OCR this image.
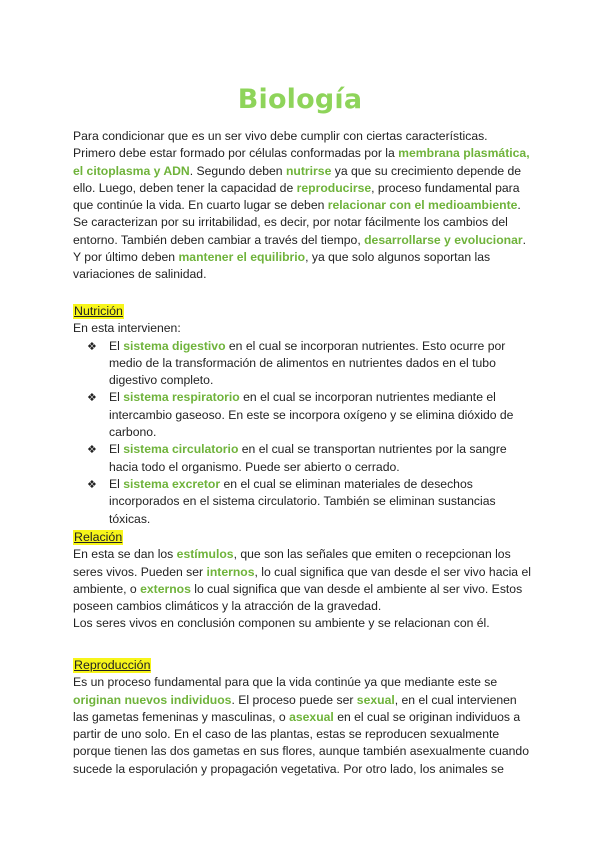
Biología

Para condicionar que es un ser vivo debe cumplir con ciertas características. Primero debe estar formado por células conformadas por la membrana plasmática, el citoplasma y ADN. Segundo deben nutrirse ya que su crecimiento depende de ello. Luego, deben tener la capacidad de reproducirse, proceso fundamental para que continúe la vida. En cuarto lugar se deben relacionar con el medioambiente. Se caracterizan por su irritabilidad, es decir, por notar fácilmente los cambios del entorno. También deben cambiar a través del tiempo, desarrollarse y evolucionar. Y por último deben mantener el equilibrio, ya que solo algunos soportan las variaciones de salinidad.

Nutrición

En esta intervienen:

❖ El sistema digestivo en el cual se incorporan nutrientes. Esto ocurre por medio de la transformación de alimentos en nutrientes dados en el tubo digestivo completo.
❖ El sistema respiratorio en el cual se incorporan nutrientes mediante el intercambio gaseoso. En este se incorpora oxígeno y se elimina dióxido de carbono.
❖ El sistema circulatorio en el cual se transportan nutrientes por la sangre hacia todo el organismo. Puede ser abierto o cerrado.
❖ El sistema excretor en el cual se eliminan materiales de desechos incorporados en el sistema circulatorio. También se eliminan sustancias tóxicas.
Relación

En esta se dan los estímulos, que son las señales que emiten o recepcionan los seres vivos. Pueden ser internos, lo cual significa que van desde el ser vivo hacia el ambiente, o externos lo cual significa que van desde el ambiente al ser vivo. Estos poseen cambios climáticos y la atracción de la gravedad.

Los seres vivos en conclusión componen su ambiente y se relacionan con él.

Reproducción

Es un proceso fundamental para que la vida continúe ya que mediante este se originan nuevos individuos. El proceso puede ser sexual, en el cual intervienen las gametas femeninas y masculinas, o asexual en el cual se originan individuos a partir de uno solo. En el caso de las plantas, estas se reproducen sexualmente porque tienen las dos gametas en sus flores, aunque también asexualmente cuando sucede la esporulación y propagación vegetativa. Por otro lado, los animales se
